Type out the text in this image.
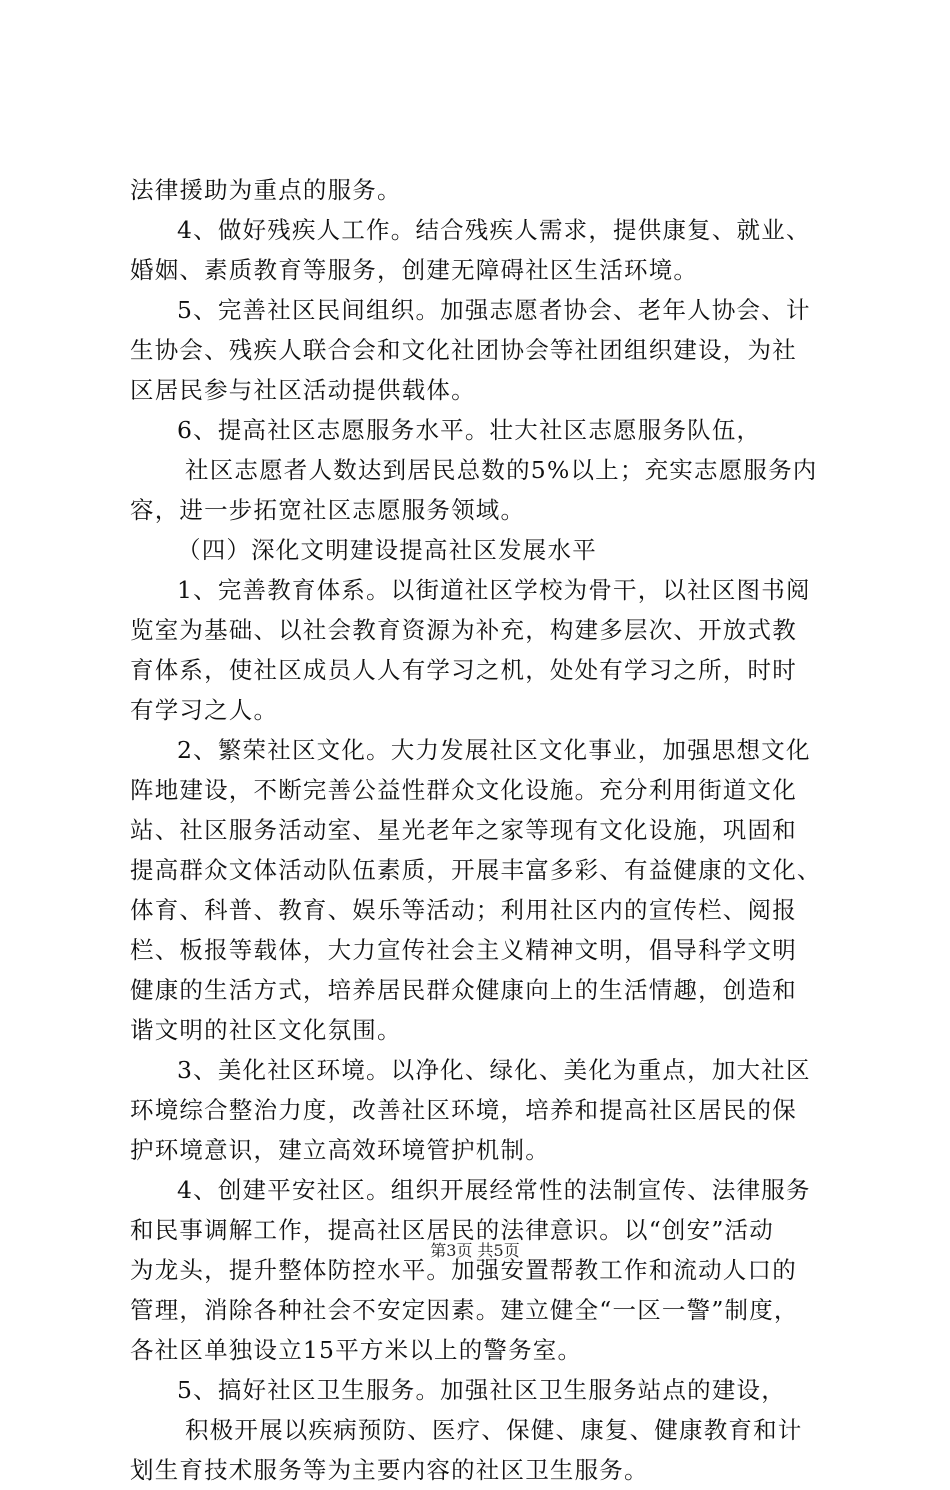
法律援助为重点的服务。
4、做好残疾人工作。结合残疾人需求，提供康复、就业、
婚姻、素质教育等服务，创建无障碍社区生活环境。
5、完善社区民间组织。加强志愿者协会、老年人协会、计
生协会、残疾人联合会和文化社团协会等社团组织建设，为社
区居民参与社区活动提供载体。
6、提高社区志愿服务水平。壮大社区志愿服务队伍，
社区志愿者人数达到居民总数的5%以上；充实志愿服务内
容，进一步拓宽社区志愿服务领域。
（四）深化文明建设提高社区发展水平
1、完善教育体系。以街道社区学校为骨干，以社区图书阅
览室为基础、以社会教育资源为补充，构建多层次、开放式教
育体系，使社区成员人人有学习之机，处处有学习之所，时时
有学习之人。
2、繁荣社区文化。大力发展社区文化事业，加强思想文化
阵地建设，不断完善公益性群众文化设施。充分利用街道文化
站、社区服务活动室、星光老年之家等现有文化设施，巩固和
提高群众文体活动队伍素质，开展丰富多彩、有益健康的文化、
体育、科普、教育、娱乐等活动；利用社区内的宣传栏、阅报
栏、板报等载体，大力宣传社会主义精神文明，倡导科学文明
健康的生活方式，培养居民群众健康向上的生活情趣，创造和
谐文明的社区文化氛围。
3、美化社区环境。以净化、绿化、美化为重点，加大社区
环境综合整治力度，改善社区环境，培养和提高社区居民的保
护环境意识，建立高效环境管护机制。
4、创建平安社区。组织开展经常性的法制宣传、法律服务
和民事调解工作，提高社区居民的法律意识。以“创安”活动
为龙头，提升整体防控水平。加强安置帮教工作和流动人口的
管理，消除各种社会不安定因素。建立健全“一区一警”制度，
各社区单独设立15平方米以上的警务室。
5、搞好社区卫生服务。加强社区卫生服务站点的建设，
积极开展以疾病预防、医疗、保健、康复、健康教育和计
划生育技术服务等为主要内容的社区卫生服务。
第3页 共5页
